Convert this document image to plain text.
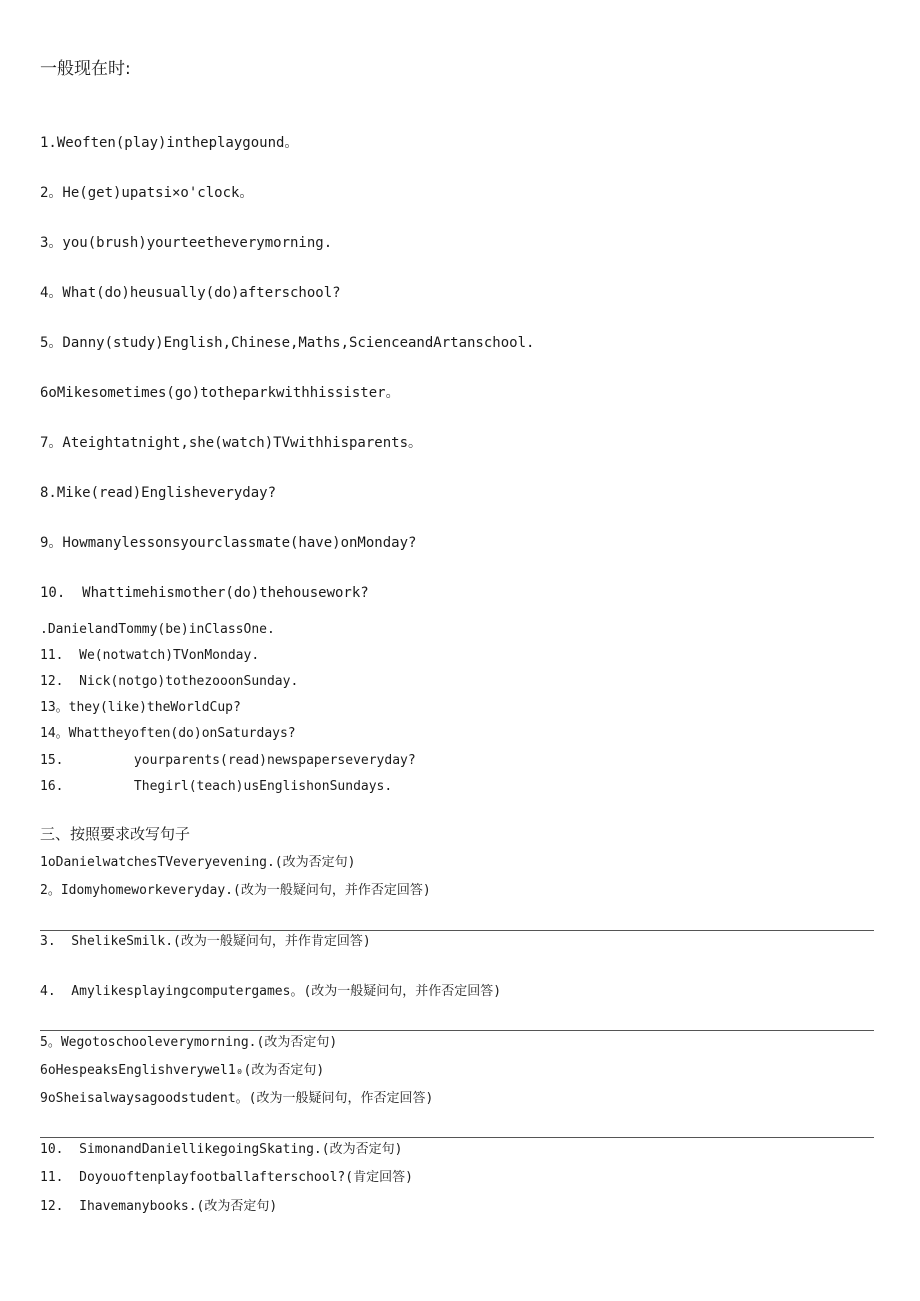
一般现在时:
1.Weoften(play)intheplaygound。
2。He(get)upatsi×o'clock。
3。you(brush)yourteetheverymorning.
4。What(do)heusually(do)afterschool?
5。Danny(study)English,Chinese,Maths,ScienceandArtanschool.
6oMikesometimes(go)totheparkwithhissister。
7。Ateightatnight,she(watch)TVwithhisparents。
8.Mike(read)Englisheveryday?
9。Howmanylessonsyourclassmate(have)onMonday?
10.  Whattimehismother(do)thehousework?
.DanielandTommy(be)inClassOne.
11.  We(notwatch)TVonMonday.
12.  Nick(notgo)tothezooonSunday.
13。they(like)theWorldCup?
14。Whattheyoften(do)onSaturdays?
15.         yourparents(read)newspaperseveryday?
16.         Thegirl(teach)usEnglishonSundays.
三、按照要求改写句子
1oDanielwatchesTVeveryevening.(改为否定句)
2。Idomyhomeworkeveryday.(改为一般疑问句，并作否定回答)
3.  ShelikeSmilk.(改为一般疑问句，并作肯定回答)
4.  Amylikesplayingcomputergames。(改为一般疑问句，并作否定回答)
5。Wegotoschooleverymorning.(改为否定句)
6oHespeaksEnglishverywel1₀(改为否定句)
9oSheisalwaysagoodstudent。(改为一般疑问句，作否定回答)
10.  SimonandDaniellikegoingSkating.(改为否定句)
11.  Doyouoftenplayfootballafterschool?(肯定回答)
12.  Ihavemanybooks.(改为否定句)
